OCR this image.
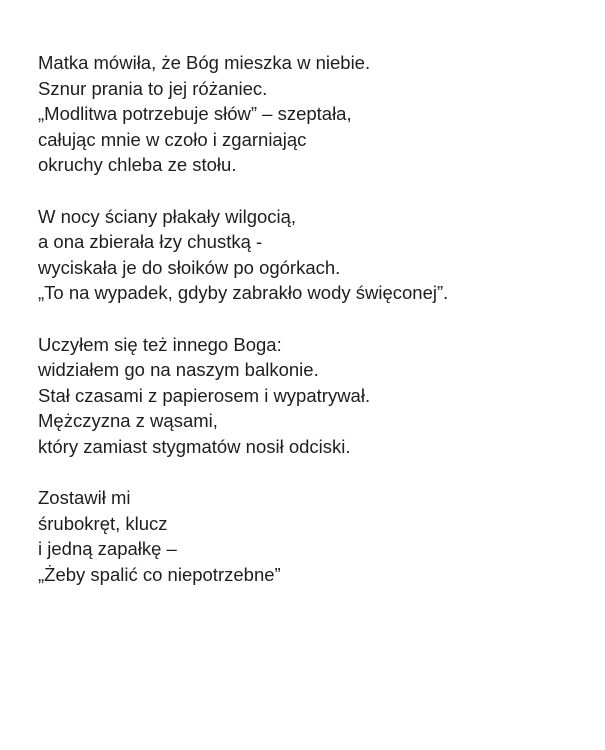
Matka mówiła, że Bóg mieszka w niebie.
Sznur prania to jej różaniec.
„Modlitwa potrzebuje słów” – szeptała,
całując mnie w czoło i zgarniając
okruchy chleba ze stołu.
W nocy ściany płakały wilgocią,
a ona zbierała łzy chustką -
wyciskała je do słoików po ogórkach.
„To na wypadek, gdyby zabrakło wody święconej”.
Uczyłem się też innego Boga:
widziałem go na naszym balkonie.
Stał czasami z papierosem i wypatrywał.
Mężczyzna z wąsami,
który zamiast stygmatów nosił odciski.
Zostawił mi
śrubokręt, klucz
i jedną zapałkę –
„Żeby spalić co niepotrzebne”
